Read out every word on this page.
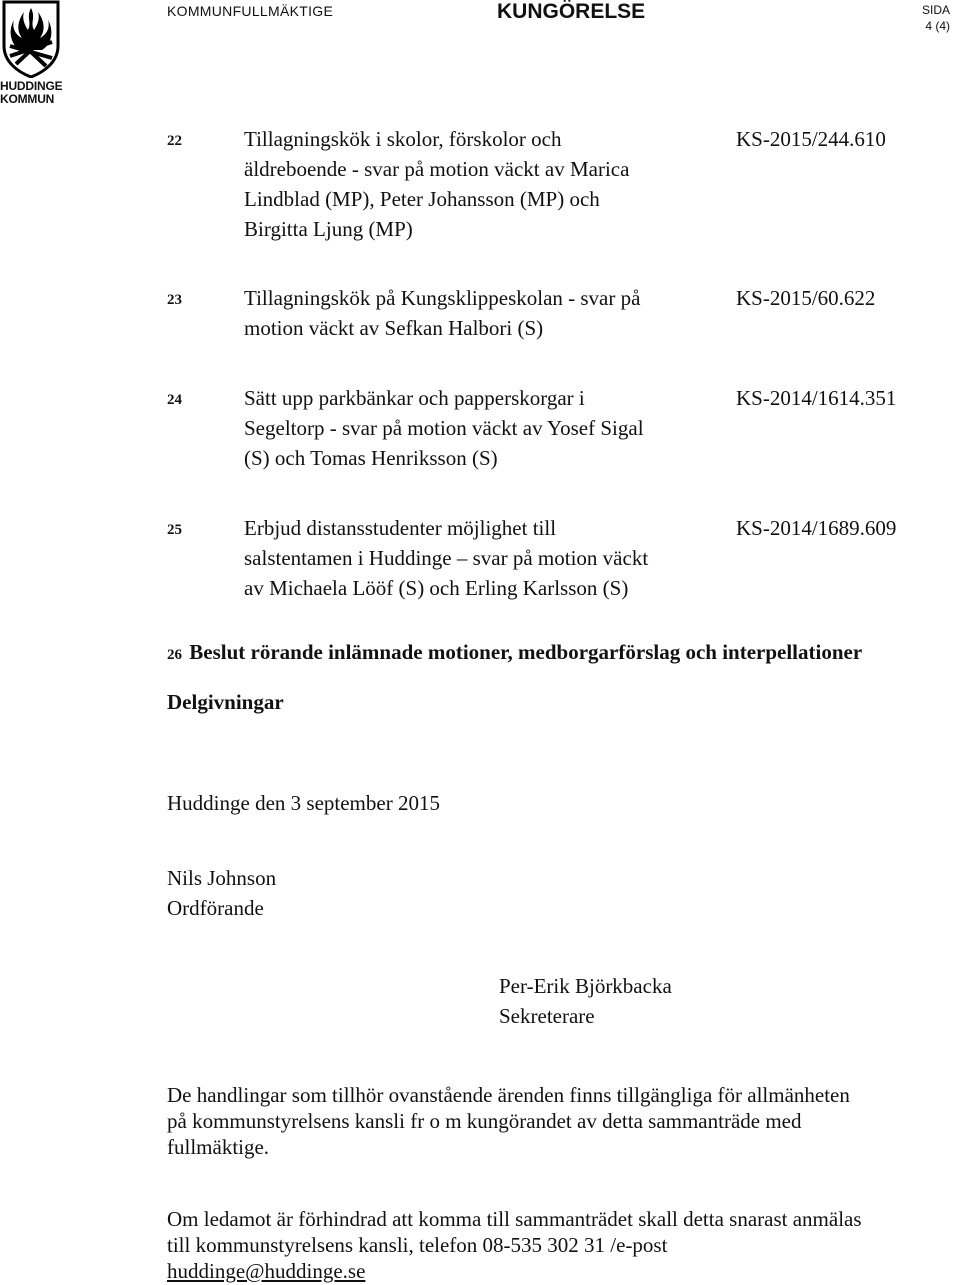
HUDDINGE
KOMMUN
KOMMUNFULLMÄKTIGE	KUNGÖRELSE	SIDA
4 (4)
22	Tillagningskök i skolor, förskolor och
äldreboende - svar på motion väckt av Marica
Lindblad (MP), Peter Johansson (MP) och
Birgitta Ljung (MP)
KS-2015/244.610
23	Tillagningskök på Kungsklippeskolan - svar på
motion väckt av Sefkan Halbori (S)
KS-2015/60.622
24	Sätt upp parkbänkar och papperskorgar i
Segeltorp - svar på motion väckt av Yosef Sigal
(S) och Tomas Henriksson (S)
KS-2014/1614.351
25	Erbjud distansstudenter möjlighet till
salstentamen i Huddinge – svar på motion väckt
av Michaela Lööf (S) och Erling Karlsson (S)
KS-2014/1689.609
26 Beslut rörande inlämnade motioner, medborgarförslag och interpellationer
Delgivningar
Huddinge den 3 september 2015
Nils Johnson
Ordförande
Per-Erik Björkbacka
Sekreterare
De handlingar som tillhör ovanstående ärenden finns tillgängliga för allmänheten
på kommunstyrelsens kansli fr o m kungörandet av detta sammanträde med
fullmäktige.
Om ledamot är förhindrad att komma till sammanträdet skall detta snarast anmälas
till kommunstyrelsens kansli, telefon 08-535 302 31 /e-post
huddinge@huddinge.se
